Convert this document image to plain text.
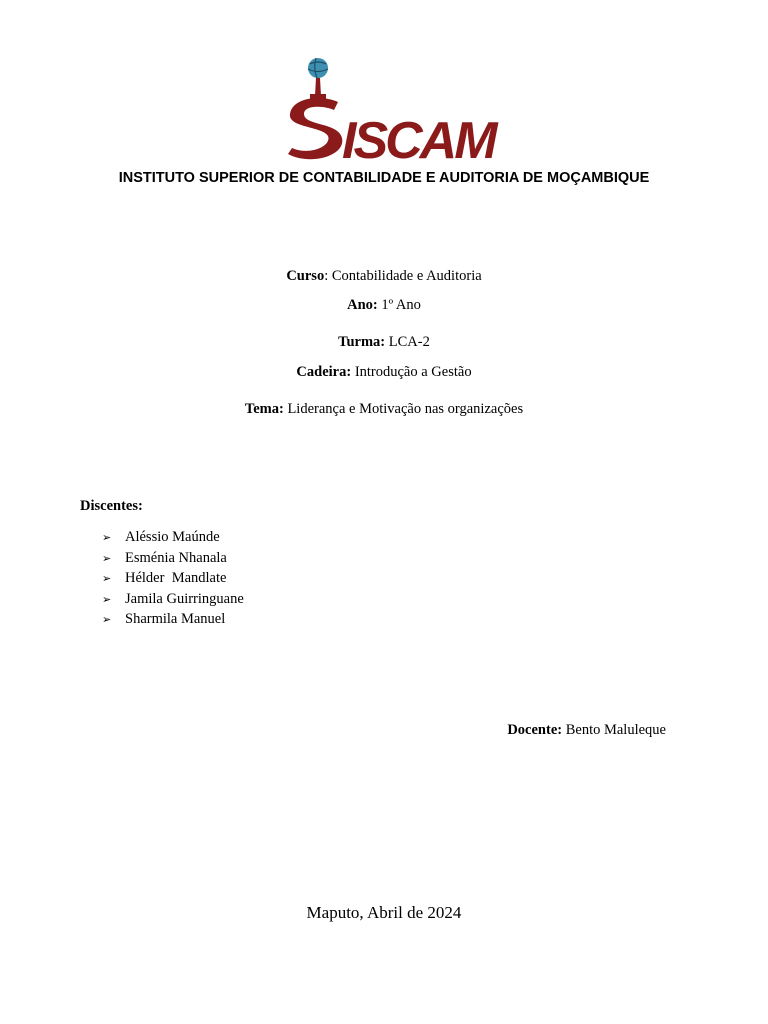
ISCAM
INSTITUTO SUPERIOR DE CONTABILIDADE E AUDITORIA DE MOÇAMBIQUE
Curso: Contabilidade e Auditoria
Ano: 1º Ano
Turma: LCA-2
Cadeira: Introdução a Gestão
Tema: Liderança e Motivação nas organizações
Discentes:
➢ Aléssio Maúnde
➢ Esménia Nhanala
➢ Hélder  Mandlate
➢ Jamila Guirringuane
➢ Sharmila Manuel
Docente: Bento Maluleque
Maputo, Abril de 2024
